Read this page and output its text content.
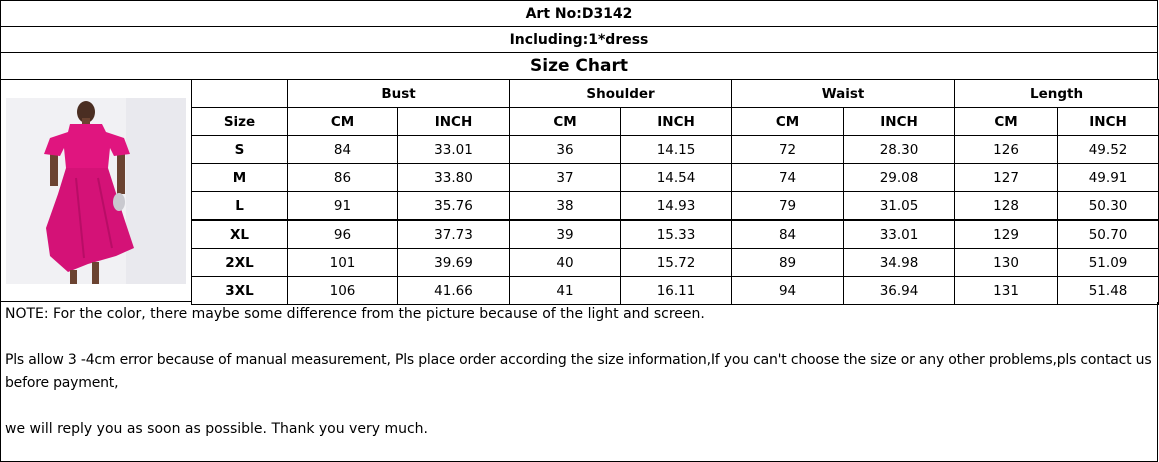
Art No:D3142
Including:1*dress
Size Chart
	Bust		Shoulder		Waist		Length	
Size	CM	INCH	CM	INCH	CM	INCH	CM	INCH
S	84	33.01	36	14.15	72	28.30	126	49.52
M	86	33.80	37	14.54	74	29.08	127	49.91
L	91	35.76	38	14.93	79	31.05	128	50.30
XL	96	37.73	39	15.33	84	33.01	129	50.70
2XL	101	39.69	40	15.72	89	34.98	130	51.09
3XL	106	41.66	41	16.11	94	36.94	131	51.48

NOTE: For the color, there maybe some difference from the picture because of the light and screen.

Pls allow 3 -4cm error because of manual measurement, Pls place order according the size information,If you can't choose the size or any other problems,pls contact us before payment,

we will reply you as soon as possible. Thank you very much.
